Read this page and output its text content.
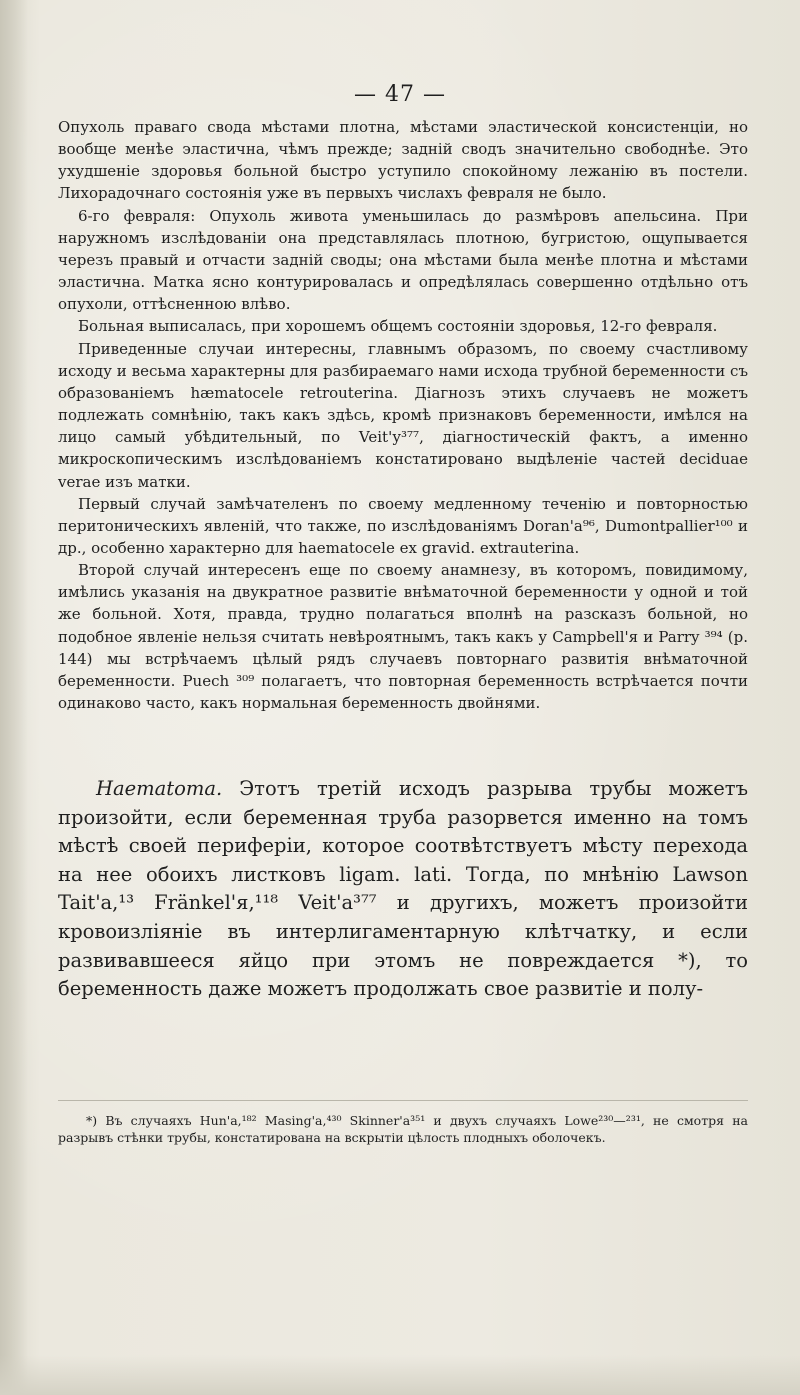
— 47 —

Опухоль праваго свода мѣстами плотна, мѣстами эластической консистенціи, но вообще менѣе эластична, чѣмъ прежде; задній сводъ значительно свободнѣе. Это ухудшеніе здоровья больной быстро уступило спокойному лежанію въ постели. Лихорадочнаго состоянія уже въ первыхъ числахъ февраля не было.

6-го февраля: Опухоль живота уменьшилась до размѣровъ апельсина. При наружномъ изслѣдованіи она представлялась плотною, бугристою, ощупывается черезъ правый и отчасти задній своды; она мѣстами была менѣе плотна и мѣстами эластична. Матка ясно контурировалась и опредѣлялась совершенно отдѣльно отъ опухоли, оттѣсненною влѣво.

Больная выписалась, при хорошемъ общемъ состояніи здоровья, 12-го февраля.

Приведенные случаи интересны, главнымъ образомъ, по своему счастливому исходу и весьма характерны для разбираемаго нами исхода трубной беременности съ образованіемъ hæmatocele retrouterina. Діагнозъ этихъ случаевъ не можетъ подлежать сомнѣнію, такъ какъ здѣсь, кромѣ признаковъ беременности, имѣлся на лицо самый убѣдительный, по Veit'у³⁷⁷, діагностическій фактъ, а именно микроскопическимъ изслѣдованіемъ констатировано выдѣленіе частей deciduae verae изъ матки.

Первый случай замѣчателенъ по своему медленному теченію и повторностью перитоническихъ явленій, что также, по изслѣдованіямъ Doran'а⁹⁶, Dumontpallier¹⁰⁰ и др., особенно характерно для haematocele ex gravid. extrauterina.

Второй случай интересенъ еще по своему анамнезу, въ которомъ, повидимому, имѣлись указанія на двукратное развитіе внѣматочной беременности у одной и той же больной. Хотя, правда, трудно полагаться вполнѣ на разсказъ больной, но подобное явленіе нельзя считать невѣроятнымъ, такъ какъ у Campbell'я и Parry ³⁹⁴ (р. 144) мы встрѣчаемъ цѣлый рядъ случаевъ повторнаго развитія внѣматочной беременности. Puech ³⁰⁹ полагаетъ, что повторная беременность встрѣчается почти одинаково часто, какъ нормальная беременность двойнями.

Haematoma. Этотъ третій исходъ разрыва трубы можетъ произойти, если беременная труба разорвется именно на томъ мѣстѣ своей периферіи, которое соотвѣтствуетъ мѣсту перехода на нее обоихъ листковъ ligam. lati. Тогда, по мнѣнію Lawson Tait'а,¹³ Fränkel'я,¹¹⁸ Veit'а³⁷⁷ и другихъ, можетъ произойти кровоизліяніе въ интерлигаментарную клѣтчатку, и если развивавшееся яйцо при этомъ не повреждается *), то беременность даже можетъ продолжать свое развитіе и полу-

*) Въ случаяхъ Hun'а,¹⁸² Masing'а,⁴³⁰ Skinner'а³⁵¹ и двухъ случаяхъ Lowe²³⁰—²³¹, не смотря на разрывъ стѣнки трубы, констатирована на вскрытіи цѣлость плодныхъ оболочекъ.
